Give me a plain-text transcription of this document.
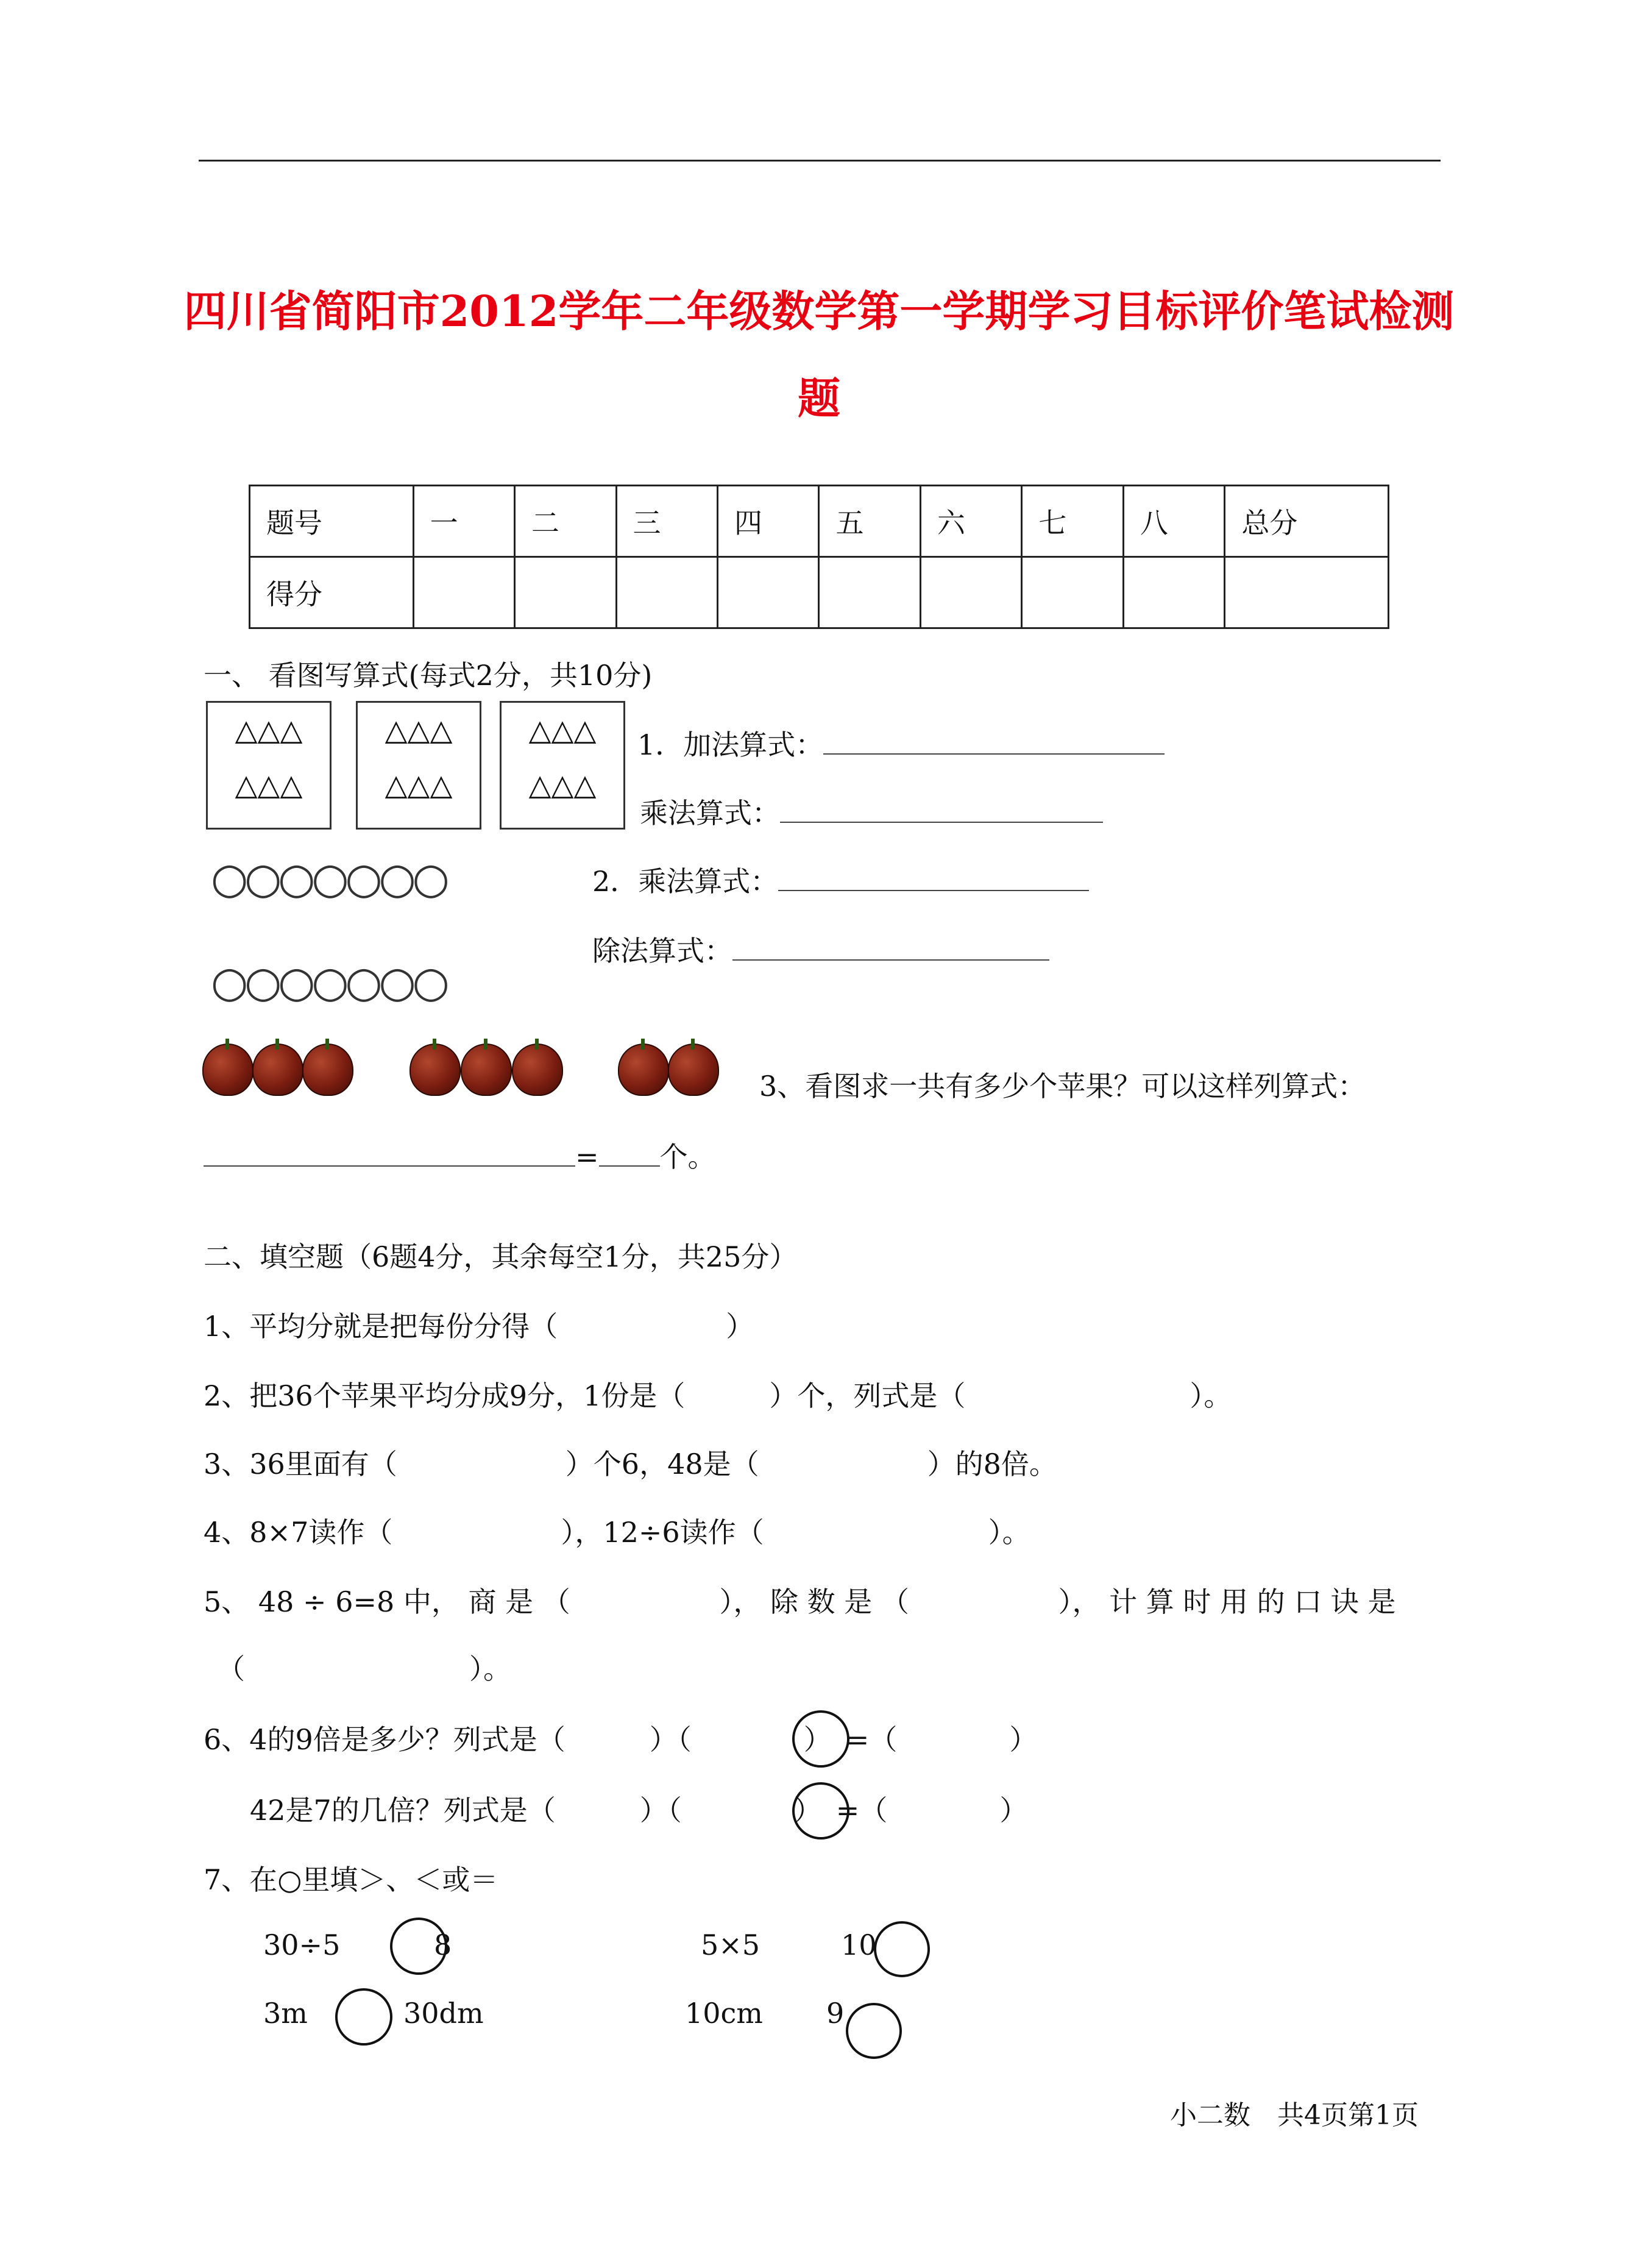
四川省简阳市2012学年二年级数学第一学期学习目标评价笔试检测
题
题号	一	二	三	四	五	六	七	八	总分
得分									
一、 看图写算式(每式2分，共10分)
△△△
△△△
△△△
△△△
△△△
△△△
1．加法算式：
乘法算式：
○○○○○○○
○○○○○○○
2．乘法算式：
除法算式：
3、看图求一共有多少个苹果？可以这样列算式：
= 个。
二、填空题（6题4分，其余每空1分，共25分）
1、平均分就是把每份分得（　　　　　　）
2、把36个苹果平均分成9分，1份是（　　　）个，列式是（　　　　　　　　）。
3、36里面有（　　　　　　）个6，48是（　　　　　　）的8倍。
4、8×7读作（　　　　　　），12÷6读作（　　　　　　　　）。
5、 48 ÷ 6=8 中， 商 是 （　　　　　 ）， 除 数 是 （　　　　　 ）， 计 算 时 用 的 口 诀 是
（　　　　　　　　）。
6、4的9倍是多少？列式是（　　　）（　　　　）　=（　　　　）
42是7的几倍？列式是（　　　）（　　　　）　=（　　　　）
7、在○里填＞、＜或＝
30÷5	8	5×5	10
3m	30dm	10cm 9
小二数　共4页第1页
